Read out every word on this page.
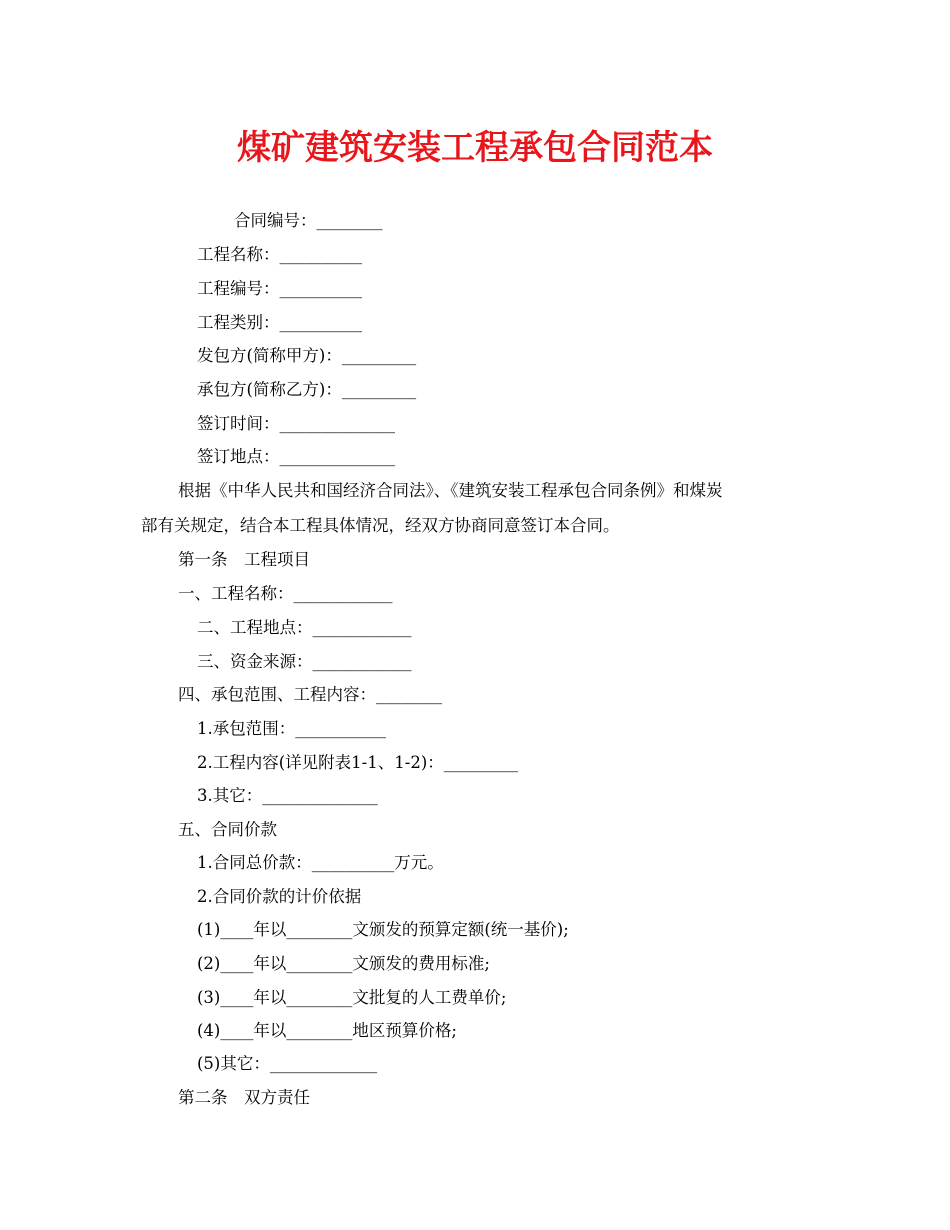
煤矿建筑安装工程承包合同范本
合同编号：________
工程名称：__________
工程编号：__________
工程类别：__________
发包方(简称甲方)：_________
承包方(简称乙方)：_________
签订时间：______________
签订地点：______________
根据《中华人民共和国经济合同法》、《建筑安装工程承包合同条例》和煤炭
部有关规定，结合本工程具体情况，经双方协商同意签订本合同。
第一条　工程项目
一、工程名称：____________
二、工程地点：____________
三、资金来源：____________
四、承包范围、工程内容：________
1.承包范围：___________
2.工程内容(详见附表1-1、1-2)：_________
3.其它：______________
五、合同价款
1.合同总价款：__________万元。
2.合同价款的计价依据
(1)____年以________文颁发的预算定额(统一基价);
(2)____年以________文颁发的费用标准;
(3)____年以________文批复的人工费单价;
(4)____年以________地区预算价格;
(5)其它：_____________
第二条　双方责任
